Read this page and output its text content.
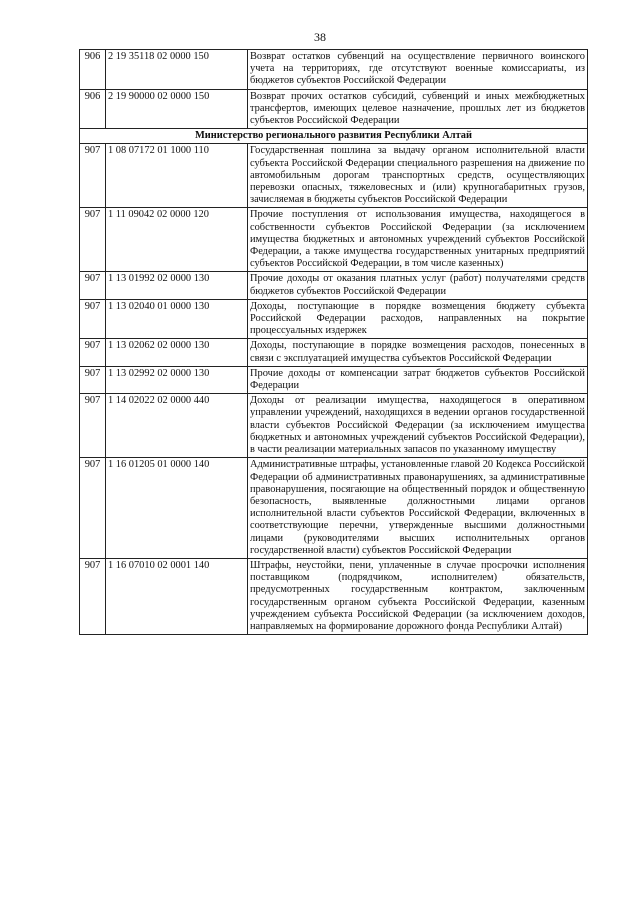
38
906	2 19 35118 02 0000 150	Возврат остатков субвенций на осуществление первичного воинского учета на территориях, где отсутствуют военные комиссариаты, из бюджетов субъектов Российской Федерации
906	2 19 90000 02 0000 150	Возврат прочих остатков субсидий, субвенций и иных межбюджетных трансфертов, имеющих целевое назначение, прошлых лет из бюджетов субъектов Российской Федерации
Министерство регионального развития Республики Алтай		
907	1 08 07172 01 1000 110	Государственная пошлина за выдачу органом исполнительной власти субъекта Российской Федерации специального разрешения на движение по автомобильным дорогам транспортных средств, осуществляющих перевозки опасных, тяжеловесных и (или) крупногабаритных грузов, зачисляемая в бюджеты субъектов Российской Федерации
907	1 11 09042 02 0000 120	Прочие поступления от использования имущества, находящегося в собственности субъектов Российской Федерации (за исключением имущества бюджетных и автономных учреждений субъектов Российской Федерации, а также имущества государственных унитарных предприятий субъектов Российской Федерации, в том числе казенных)
907	1 13 01992 02 0000 130	Прочие доходы от оказания платных услуг (работ) получателями средств бюджетов субъектов Российской Федерации
907	1 13 02040 01 0000 130	Доходы, поступающие в порядке возмещения бюджету субъекта Российской Федерации расходов, направленных на покрытие процессуальных издержек
907	1 13 02062 02 0000 130	Доходы, поступающие в порядке возмещения расходов, понесенных в связи с эксплуатацией имущества субъектов Российской Федерации
907	1 13 02992 02 0000 130	Прочие доходы от компенсации затрат бюджетов субъектов Российской Федерации
907	1 14 02022 02 0000 440	Доходы от реализации имущества, находящегося в оперативном управлении учреждений, находящихся в ведении органов государственной власти субъектов Российской Федерации (за исключением имущества бюджетных и автономных учреждений субъектов Российской Федерации), в части реализации материальных запасов по указанному имуществу
907	1 16 01205 01 0000 140	Административные штрафы, установленные главой 20 Кодекса Российской Федерации об административных правонарушениях, за административные правонарушения, посягающие на общественный порядок и общественную безопасность, выявленные должностными лицами органов исполнительной власти субъектов Российской Федерации, включенных в соответствующие перечни, утвержденные высшими должностными лицами (руководителями высших исполнительных органов государственной власти) субъектов Российской Федерации
907	1 16 07010 02 0001 140	Штрафы, неустойки, пени, уплаченные в случае просрочки исполнения поставщиком (подрядчиком, исполнителем) обязательств, предусмотренных государственным контрактом, заключенным государственным органом субъекта Российской Федерации, казенным учреждением субъекта Российской Федерации (за исключением доходов, направляемых на формирование дорожного фонда Республики Алтай)
